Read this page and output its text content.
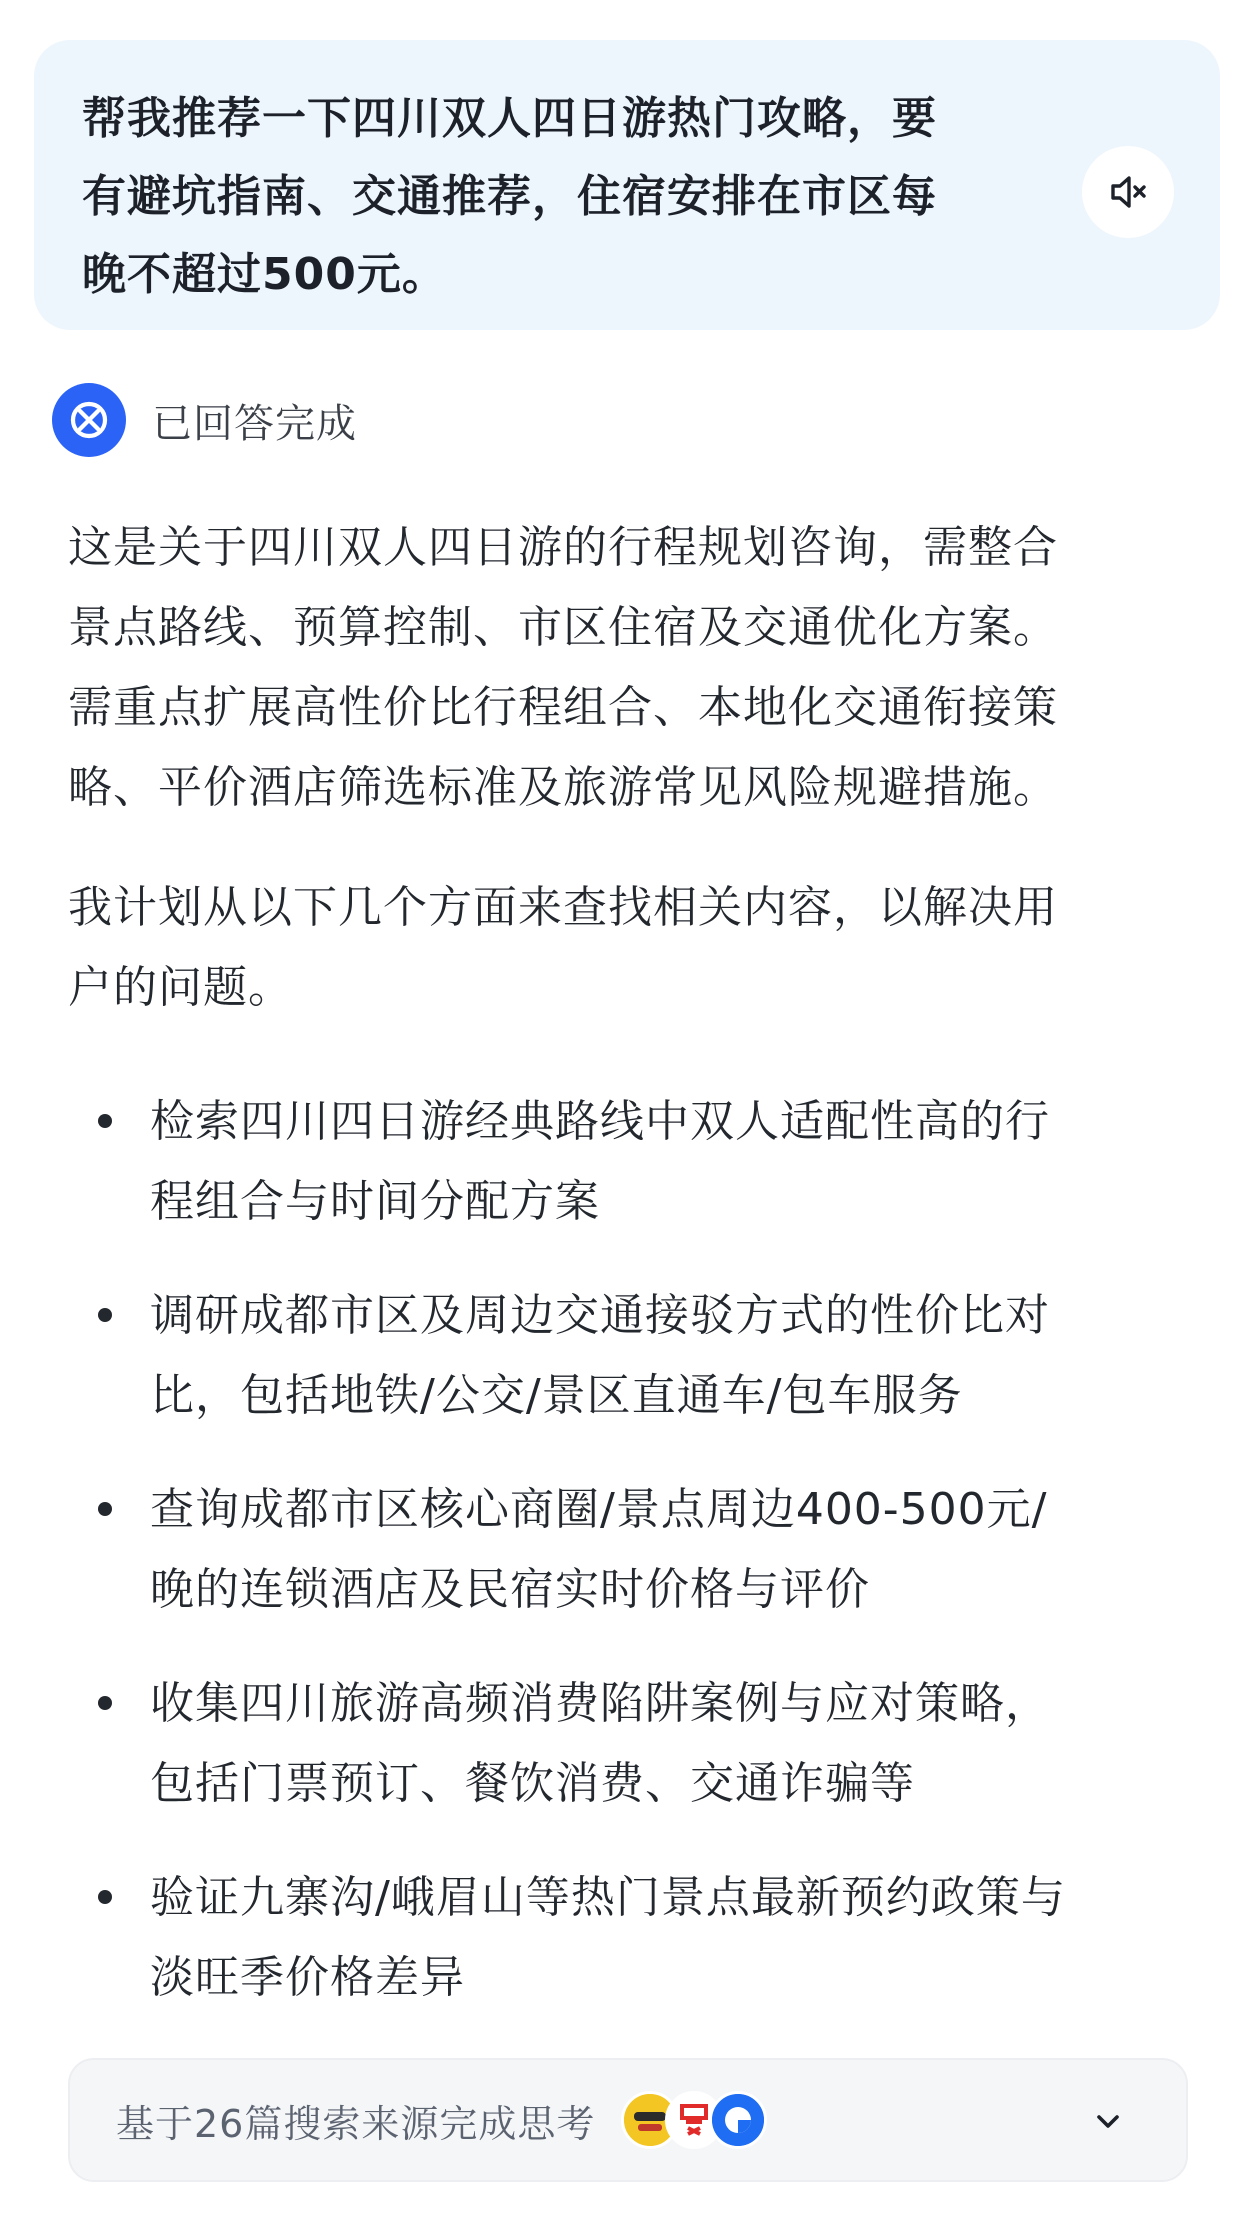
帮我推荐一下四川双人四日游热门攻略，要
有避坑指南、交通推荐，住宿安排在市区每
晚不超过500元。
已回答完成
这是关于四川双人四日游的行程规划咨询，需整合
景点路线、预算控制、市区住宿及交通优化方案。
需重点扩展高性价比行程组合、本地化交通衔接策
略、平价酒店筛选标准及旅游常见风险规避措施。
我计划从以下几个方面来查找相关内容，以解决用
户的问题。
检索四川四日游经典路线中双人适配性高的行
程组合与时间分配方案
调研成都市区及周边交通接驳方式的性价比对
比，包括地铁/公交/景区直通车/包车服务
查询成都市区核心商圈/景点周边400-500元/
晚的连锁酒店及民宿实时价格与评价
收集四川旅游高频消费陷阱案例与应对策略，
包括门票预订、餐饮消费、交通诈骗等
验证九寨沟/峨眉山等热门景点最新预约政策与
淡旺季价格差异
基于26篇搜索来源完成思考
